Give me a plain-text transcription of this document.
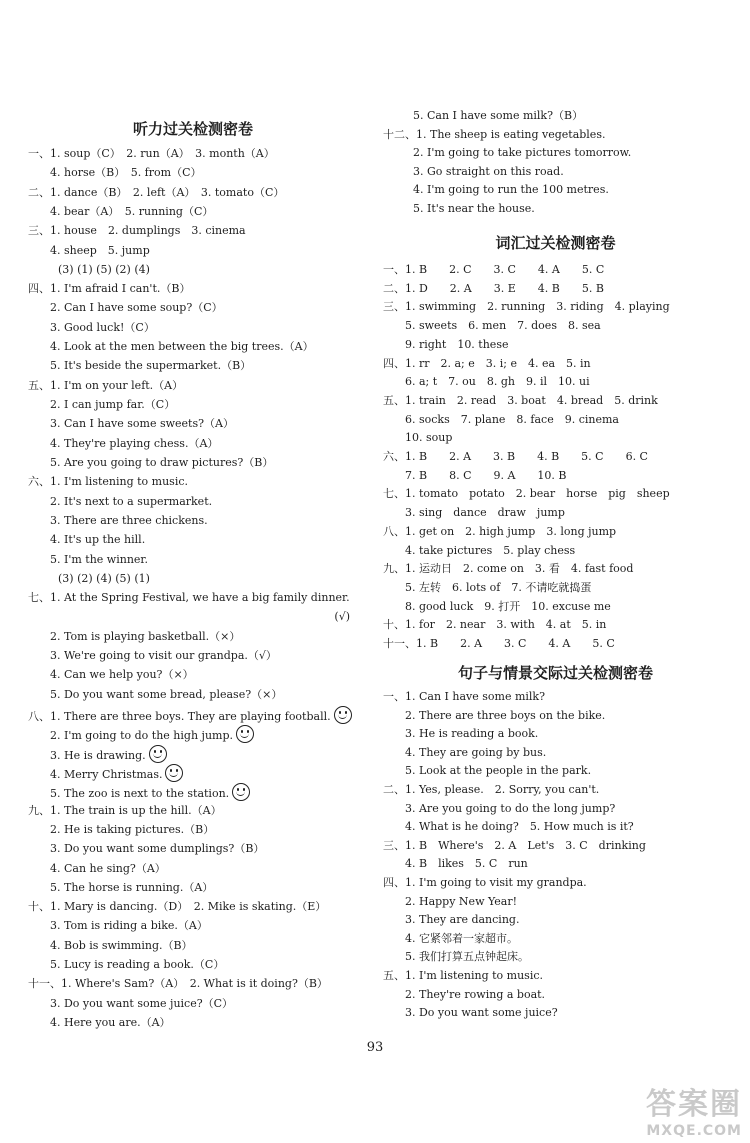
听力过关检测密卷
一、1. soup（C）　2. run（A）　3. month（A）
4. horse（B）　5. from（C）
二、1. dance（B）　2. left（A）　3. tomato（C）
4. bear（A）　5. running（C）
三、1. house　2. dumplings　3. cinema
4. sheep　5. jump
(3) (1) (5) (2) (4)
四、1. I'm afraid I can't.（B）
2. Can I have some soup?（C）
3. Good luck!（C）
4. Look at the men between the big trees.（A）
5. It's beside the supermarket.（B）
五、1. I'm on your left.（A）
2. I can jump far.（C）
3. Can I have some sweets?（A）
4. They're playing chess.（A）
5. Are you going to draw pictures?（B）
六、1. I'm listening to music.
2. It's next to a supermarket.
3. There are three chickens.
4. It's up the hill.
5. I'm the winner.
(3) (2) (4) (5) (1)
七、1. At the Spring Festival, we have a big family dinner.
(√)
2. Tom is playing basketball.（×）
3. We're going to visit our grandpa.（√）
4. Can we help you?（×）
5. Do you want some bread, please?（×）
八、1. There are three boys. They are playing football.
2. I'm going to do the high jump.
3. He is drawing.
4. Merry Christmas.
5. The zoo is next to the station.
九、1. The train is up the hill.（A）
2. He is taking pictures.（B）
3. Do you want some dumplings?（B）
4. Can he sing?（A）
5. The horse is running.（A）
十、1. Mary is dancing.（D）　2. Mike is skating.（E）
3. Tom is riding a bike.（A）
4. Bob is swimming.（B）
5. Lucy is reading a book.（C）
十一、1. Where's Sam?（A）　2. What is it doing?（B）
3. Do you want some juice?（C）
4. Here you are.（A）
5. Can I have some milk?（B）
十二、1. The sheep is eating vegetables.
2. I'm going to take pictures tomorrow.
3. Go straight on this road.
4. I'm going to run the 100 metres.
5. It's near the house.
词汇过关检测密卷
一、1. B　　2. C　　3. C　　4. A　　5. C
二、1. D　　2. A　　3. E　　4. B　　5. B
三、1. swimming　2. running　3. riding　4. playing
5. sweets　6. men　7. does　8. sea
9. right　10. these
四、1. rr　2. a; e　3. i; e　4. ea　5. in
6. a; t　7. ou　8. gh　9. il　10. ui
五、1. train　2. read　3. boat　4. bread　5. drink
6. socks　7. plane　8. face　9. cinema
10. soup
六、1. B　　2. A　　3. B　　4. B　　5. C　　6. C
7. B　　8. C　　9. A　　10. B
七、1. tomato　potato　2. bear　horse　pig　sheep
3. sing　dance　draw　jump
八、1. get on　2. high jump　3. long jump
4. take pictures　5. play chess
九、1. 运动日　2. come on　3. 看　4. fast food
5. 左转　6. lots of　7. 不请吃就捣蛋
8. good luck　9. 打开　10. excuse me
十、1. for　2. near　3. with　4. at　5. in
十一、1. B　　2. A　　3. C　　4. A　　5. C
句子与情景交际过关检测密卷
一、1. Can I have some milk?
2. There are three boys on the bike.
3. He is reading a book.
4. They are going by bus.
5. Look at the people in the park.
二、1. Yes, please.　2. Sorry, you can't.
3. Are you going to do the long jump?
4. What is he doing?　5. How much is it?
三、1. B　Where's　2. A　Let's　3. C　drinking
4. B　likes　5. C　run
四、1. I'm going to visit my grandpa.
2. Happy New Year!
3. They are dancing.
4. 它紧邻着一家超市。
5. 我们打算五点钟起床。
五、1. I'm listening to music.
2. They're rowing a boat.
3. Do you want some juice?
93
答案圈
MXQE.COM
